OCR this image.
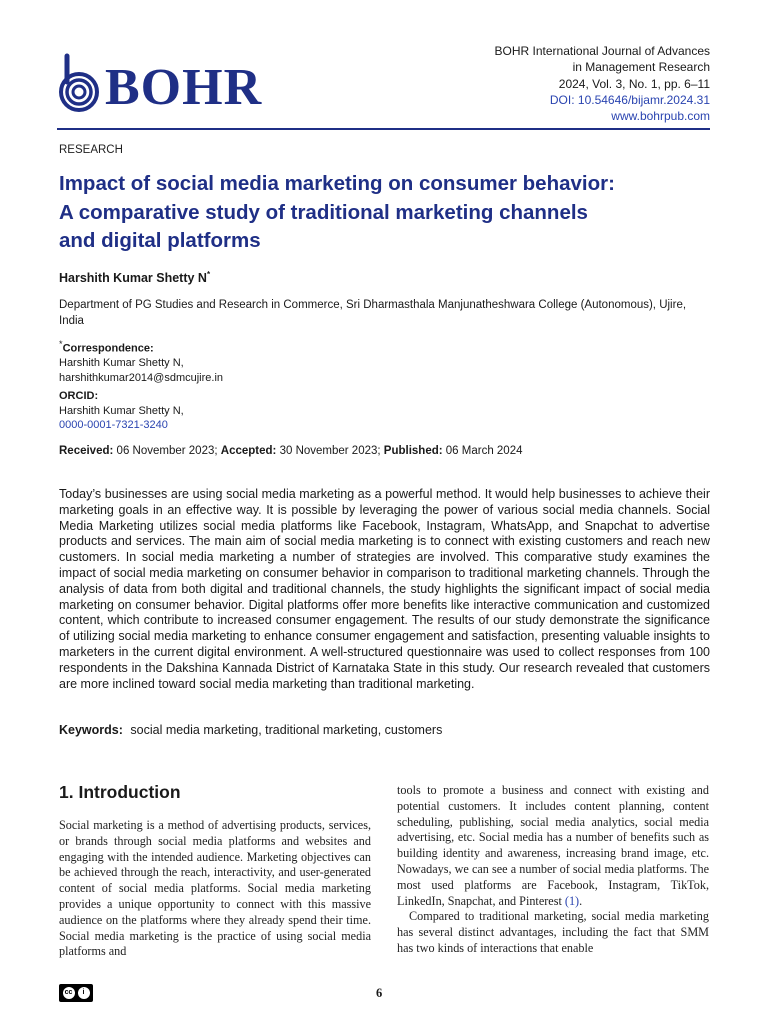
BOHR
BOHR International Journal of Advances
in Management Research
2024, Vol. 3, No. 1, pp. 6–11
DOI: 10.54646/bijamr.2024.31
www.bohrpub.com
RESEARCH
Impact of social media marketing on consumer behavior:
A comparative study of traditional marketing channels
and digital platforms
Harshith Kumar Shetty N*
Department of PG Studies and Research in Commerce, Sri Dharmasthala Manjunatheshwara College (Autonomous), Ujire, India
*Correspondence:
Harshith Kumar Shetty N,
harshithkumar2014@sdmcujire.in
ORCID:
Harshith Kumar Shetty N,
0000-0001-7321-3240
Received: 06 November 2023; Accepted: 30 November 2023; Published: 06 March 2024

Today’s businesses are using social media marketing as a powerful method. It would help businesses to achieve their marketing goals in an effective way. It is possible by leveraging the power of various social media channels. Social Media Marketing utilizes social media platforms like Facebook, Instagram, WhatsApp, and Snapchat to advertise products and services. The main aim of social media marketing is to connect with existing customers and reach new customers. In social media marketing a number of strategies are involved. This comparative study examines the impact of social media marketing on consumer behavior in comparison to traditional marketing channels. Through the analysis of data from both digital and traditional channels, the study highlights the significant impact of social media marketing on consumer behavior. Digital platforms offer more benefits like interactive communication and customized content, which contribute to increased consumer engagement. The results of our study demonstrate the significance of utilizing social media marketing to enhance consumer engagement and satisfaction, presenting valuable insights to marketers in the current digital environment. A well-structured questionnaire was used to collect responses from 100 respondents in the Dakshina Kannada District of Karnataka State in this study. Our research revealed that customers are more inclined toward social media marketing than traditional marketing.

Keywords: social media marketing, traditional marketing, customers
1. Introduction

Social marketing is a method of advertising products, services, or brands through social media platforms and websites and engaging with the intended audience. Marketing objectives can be achieved through the reach, interactivity, and user-generated content of social media platforms. Social media marketing provides a unique opportunity to connect with this massive audience on the platforms where they already spend their time. Social media marketing is the practice of using social media platforms and

tools to promote a business and connect with existing and potential customers. It includes content planning, content scheduling, publishing, social media analytics, social media advertising, etc. Social media has a number of benefits such as building identity and awareness, increasing brand image, etc. Nowadays, we can see a number of social media platforms. The most used platforms are Facebook, Instagram, TikTok, LinkedIn, Snapchat, and Pinterest (1).

Compared to traditional marketing, social media marketing has several distinct advantages, including the fact that SMM has two kinds of interactions that enable

cc	i	6
